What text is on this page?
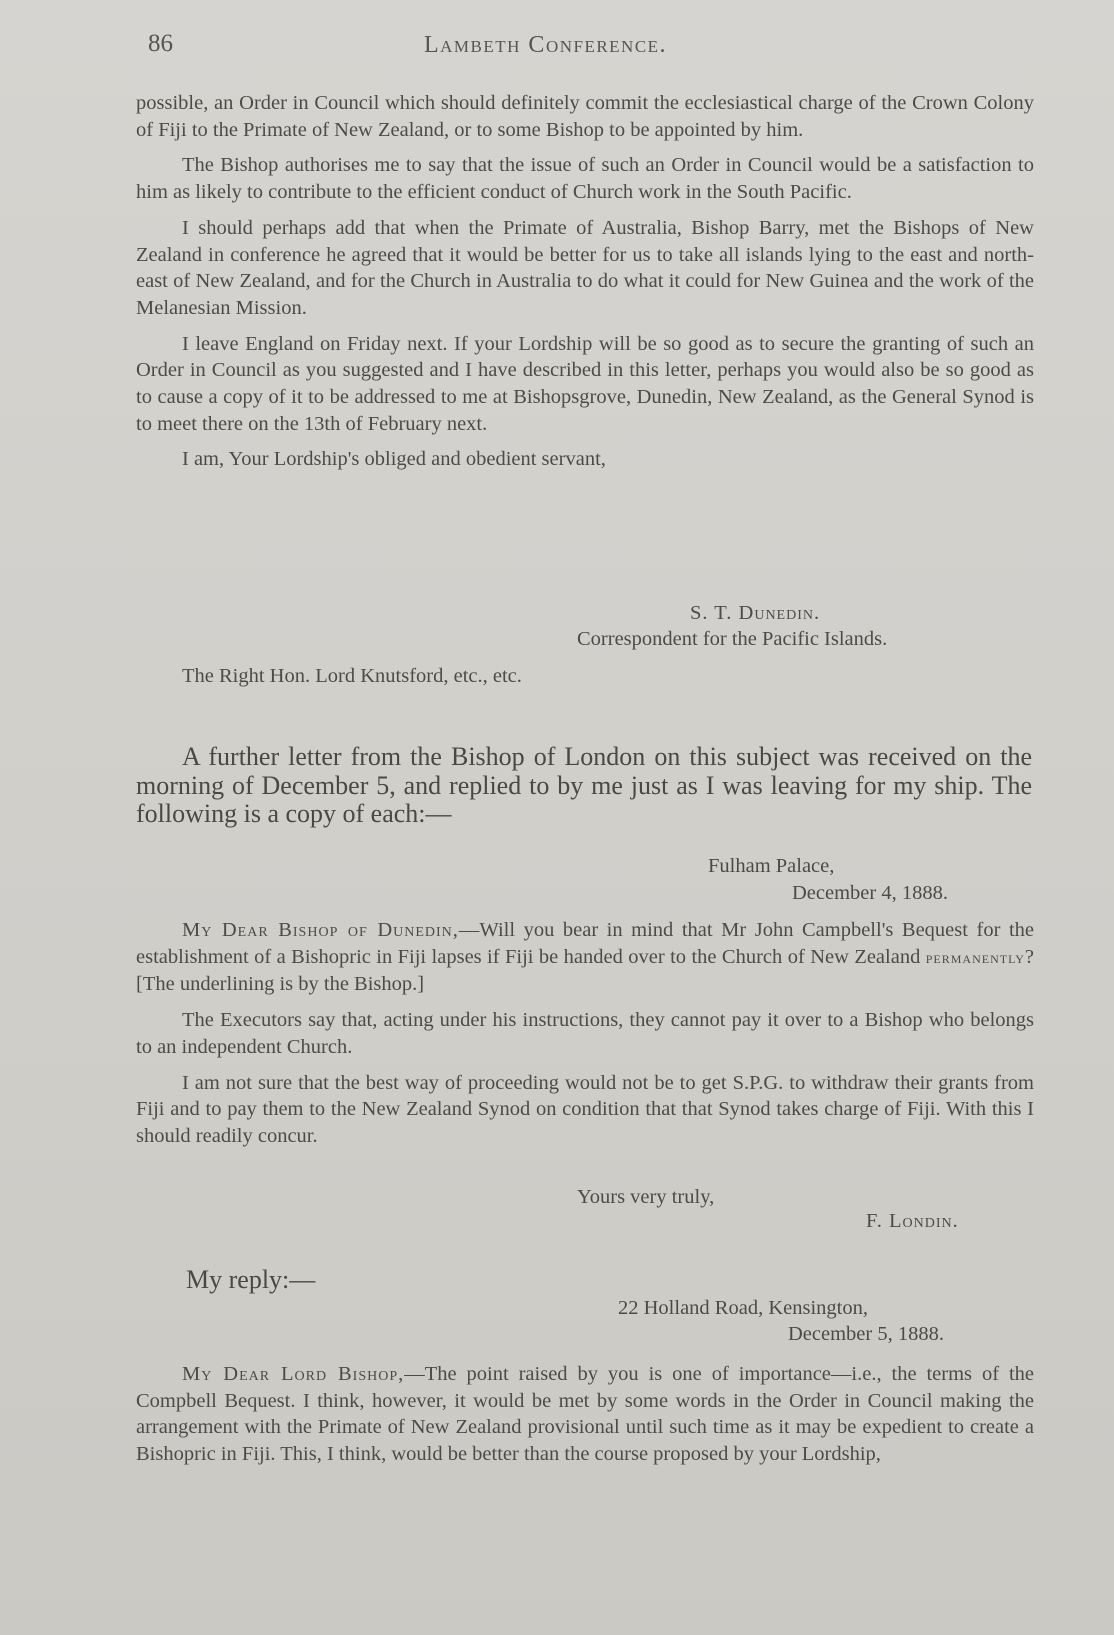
86	Lambeth Conference.

possible, an Order in Council which should definitely commit the ecclesiastical charge of the Crown Colony of Fiji to the Primate of New Zealand, or to some Bishop to be appointed by him.

The Bishop authorises me to say that the issue of such an Order in Council would be a satisfaction to him as likely to contribute to the efficient conduct of Church work in the South Pacific.

I should perhaps add that when the Primate of Australia, Bishop Barry, met the Bishops of New Zealand in conference he agreed that it would be better for us to take all islands lying to the east and north-east of New Zealand, and for the Church in Australia to do what it could for New Guinea and the work of the Melanesian Mission.

I leave England on Friday next. If your Lordship will be so good as to secure the granting of such an Order in Council as you suggested and I have described in this letter, perhaps you would also be so good as to cause a copy of it to be addressed to me at Bishopsgrove, Dunedin, New Zealand, as the General Synod is to meet there on the 13th of February next.

I am, Your Lordship's obliged and obedient servant,

S. T. Dunedin.
Correspondent for the Pacific Islands.
The Right Hon. Lord Knutsford, etc., etc.
A further letter from the Bishop of London on this subject was received on the morning of December 5, and replied to by me just as I was leaving for my ship. The following is a copy of each:—
Fulham Palace,
December 4, 1888.

My Dear Bishop of Dunedin,—Will you bear in mind that Mr John Campbell's Bequest for the establishment of a Bishopric in Fiji lapses if Fiji be handed over to the Church of New Zealand permanently? [The underlining is by the Bishop.]

The Executors say that, acting under his instructions, they cannot pay it over to a Bishop who belongs to an independent Church.

I am not sure that the best way of proceeding would not be to get S.P.G. to withdraw their grants from Fiji and to pay them to the New Zealand Synod on condition that that Synod takes charge of Fiji. With this I should readily concur.

Yours very truly,
F. Londin.
My reply:—
22 Holland Road, Kensington,
December 5, 1888.

My Dear Lord Bishop,—The point raised by you is one of importance—i.e., the terms of the Compbell Bequest. I think, however, it would be met by some words in the Order in Council making the arrangement with the Primate of New Zealand provisional until such time as it may be expedient to create a Bishopric in Fiji. This, I think, would be better than the course proposed by your Lordship,
